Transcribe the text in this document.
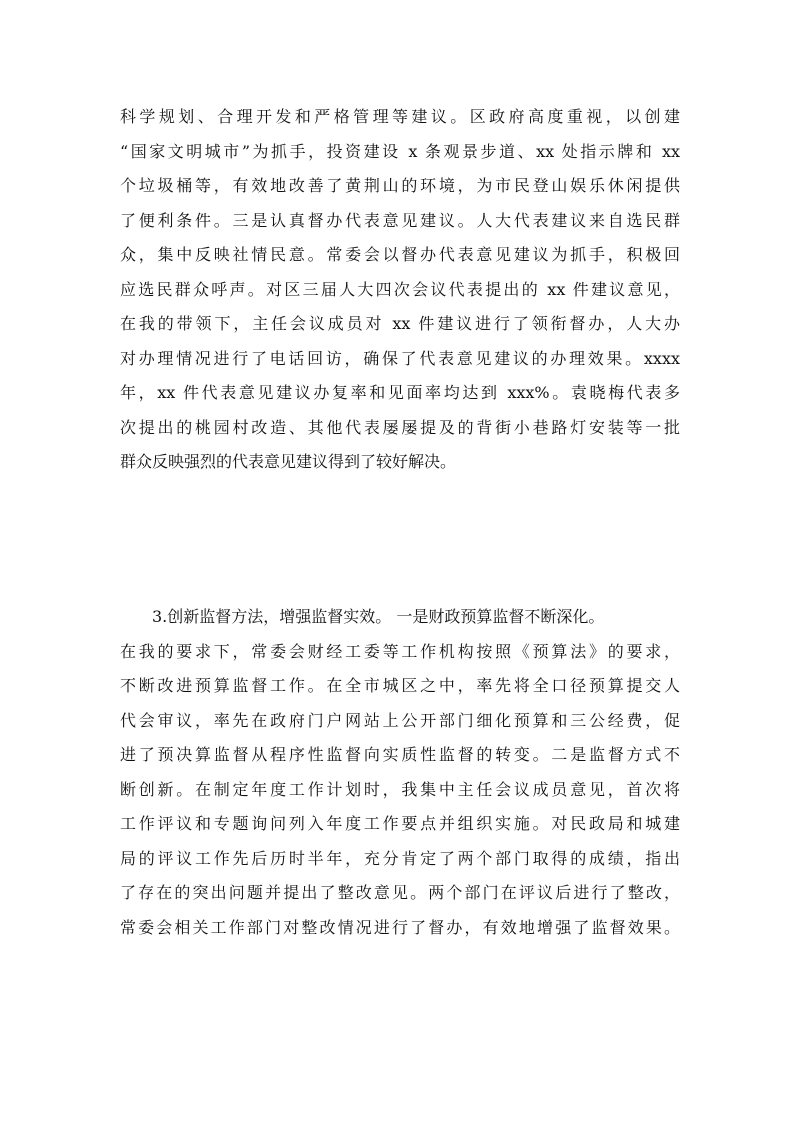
科学规划、合理开发和严格管理等建议。区政府高度重视，以创建
“国家文明城市”为抓手，投资建设 x 条观景步道、xx 处指示牌和 xx
个垃圾桶等，有效地改善了黄荆山的环境，为市民登山娱乐休闲提供
了便利条件。三是认真督办代表意见建议。人大代表建议来自选民群
众，集中反映社情民意。常委会以督办代表意见建议为抓手，积极回
应选民群众呼声。对区三届人大四次会议代表提出的 xx 件建议意见，
在我的带领下，主任会议成员对 xx 件建议进行了领衔督办，人大办
对办理情况进行了电话回访，确保了代表意见建议的办理效果。xxxx
年，xx 件代表意见建议办复率和见面率均达到 xxx%。袁晓梅代表多
次提出的桃园村改造、其他代表屡屡提及的背街小巷路灯安装等一批
群众反映强烈的代表意见建议得到了较好解决。
3.创新监督方法，增强监督实效。 一是财政预算监督不断深化。
在我的要求下，常委会财经工委等工作机构按照《预算法》的要求，
不断改进预算监督工作。在全市城区之中，率先将全口径预算提交人
代会审议，率先在政府门户网站上公开部门细化预算和三公经费，促
进了预决算监督从程序性监督向实质性监督的转变。二是监督方式不
断创新。在制定年度工作计划时，我集中主任会议成员意见，首次将
工作评议和专题询问列入年度工作要点并组织实施。对民政局和城建
局的评议工作先后历时半年，充分肯定了两个部门取得的成绩，指出
了存在的突出问题并提出了整改意见。两个部门在评议后进行了整改，
常委会相关工作部门对整改情况进行了督办，有效地增强了监督效果。
